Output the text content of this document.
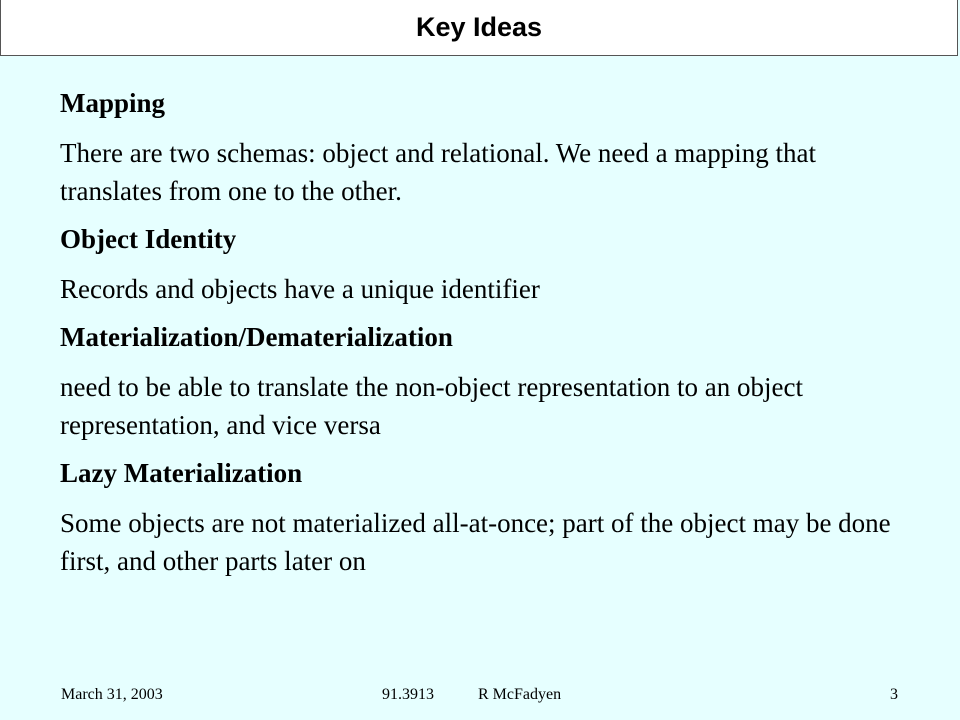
Key Ideas
Mapping
There are two schemas: object and relational. We need a mapping that translates from one to the other.
Object Identity
Records and objects have a unique identifier
Materialization/Dematerialization
need to be able to translate the non-object representation to an object representation, and vice versa
Lazy Materialization
Some objects are not materialized all-at-once; part of the object may be done first, and other parts later on
March 31, 2003	91.3913	R McFadyen	3
